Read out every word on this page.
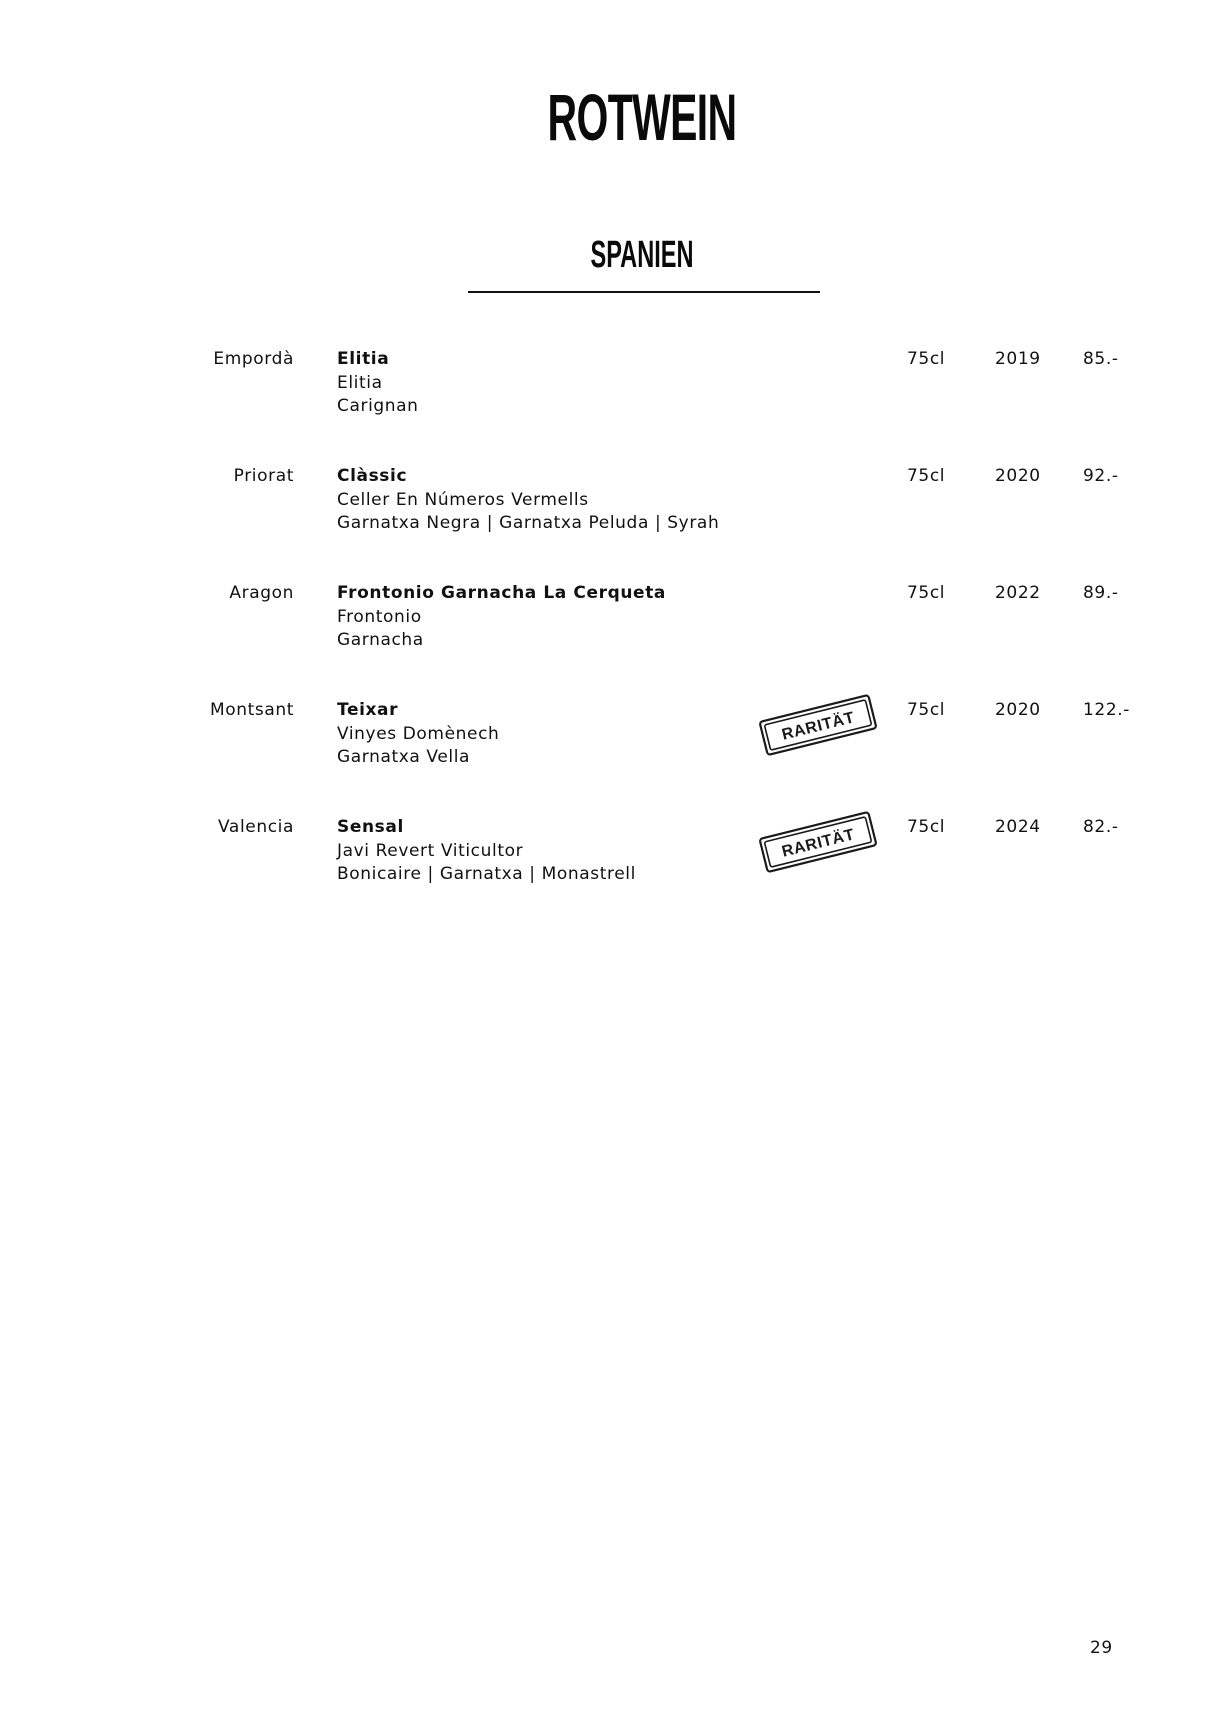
ROTWEIN
SPANIEN
Empordà	Elitia
Elitia
Carignan
75cl	2019 85.-
Priorat	Clàssic
Celler En Números Vermells
Garnatxa Negra | Garnatxa Peluda | Syrah
75cl	2020 92.-
Aragon	Frontonio Garnacha La Cerqueta
Frontonio
Garnacha
75cl	2022 89.-
Montsant	Teixar
Vinyes Domènech
Garnatxa Vella
RARITÄT	75cl	2020 122.-
Valencia	Sensal
Javi Revert Viticultor
Bonicaire | Garnatxa | Monastrell
RARITÄT	75cl	2024 82.-
29
